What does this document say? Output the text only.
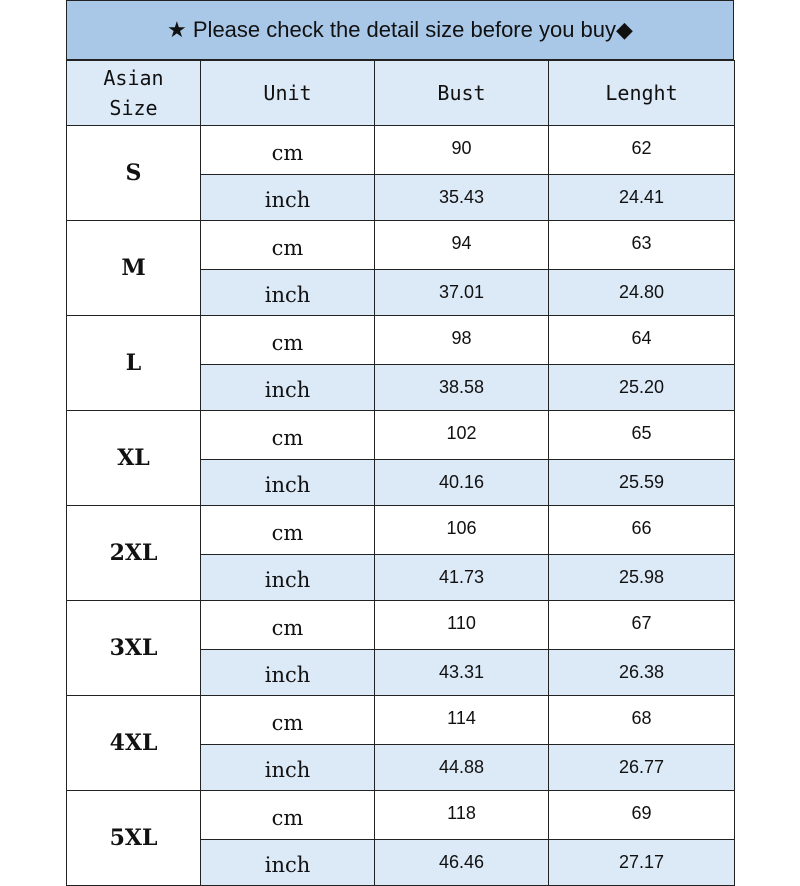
★ Please check the detail size before you buy◆
Asian
Size	Unit	Bust	Lenght
S	cm	90	62
	inch	35.43	24.41
M	cm	94	63
	inch	37.01	24.80
L	cm	98	64
	inch	38.58	25.20
XL	cm	102	65
	inch	40.16	25.59
2XL	cm	106	66
	inch	41.73	25.98
3XL	cm	110	67
	inch	43.31	26.38
4XL	cm	114	68
	inch	44.88	26.77
5XL	cm	118	69
	inch	46.46	27.17
